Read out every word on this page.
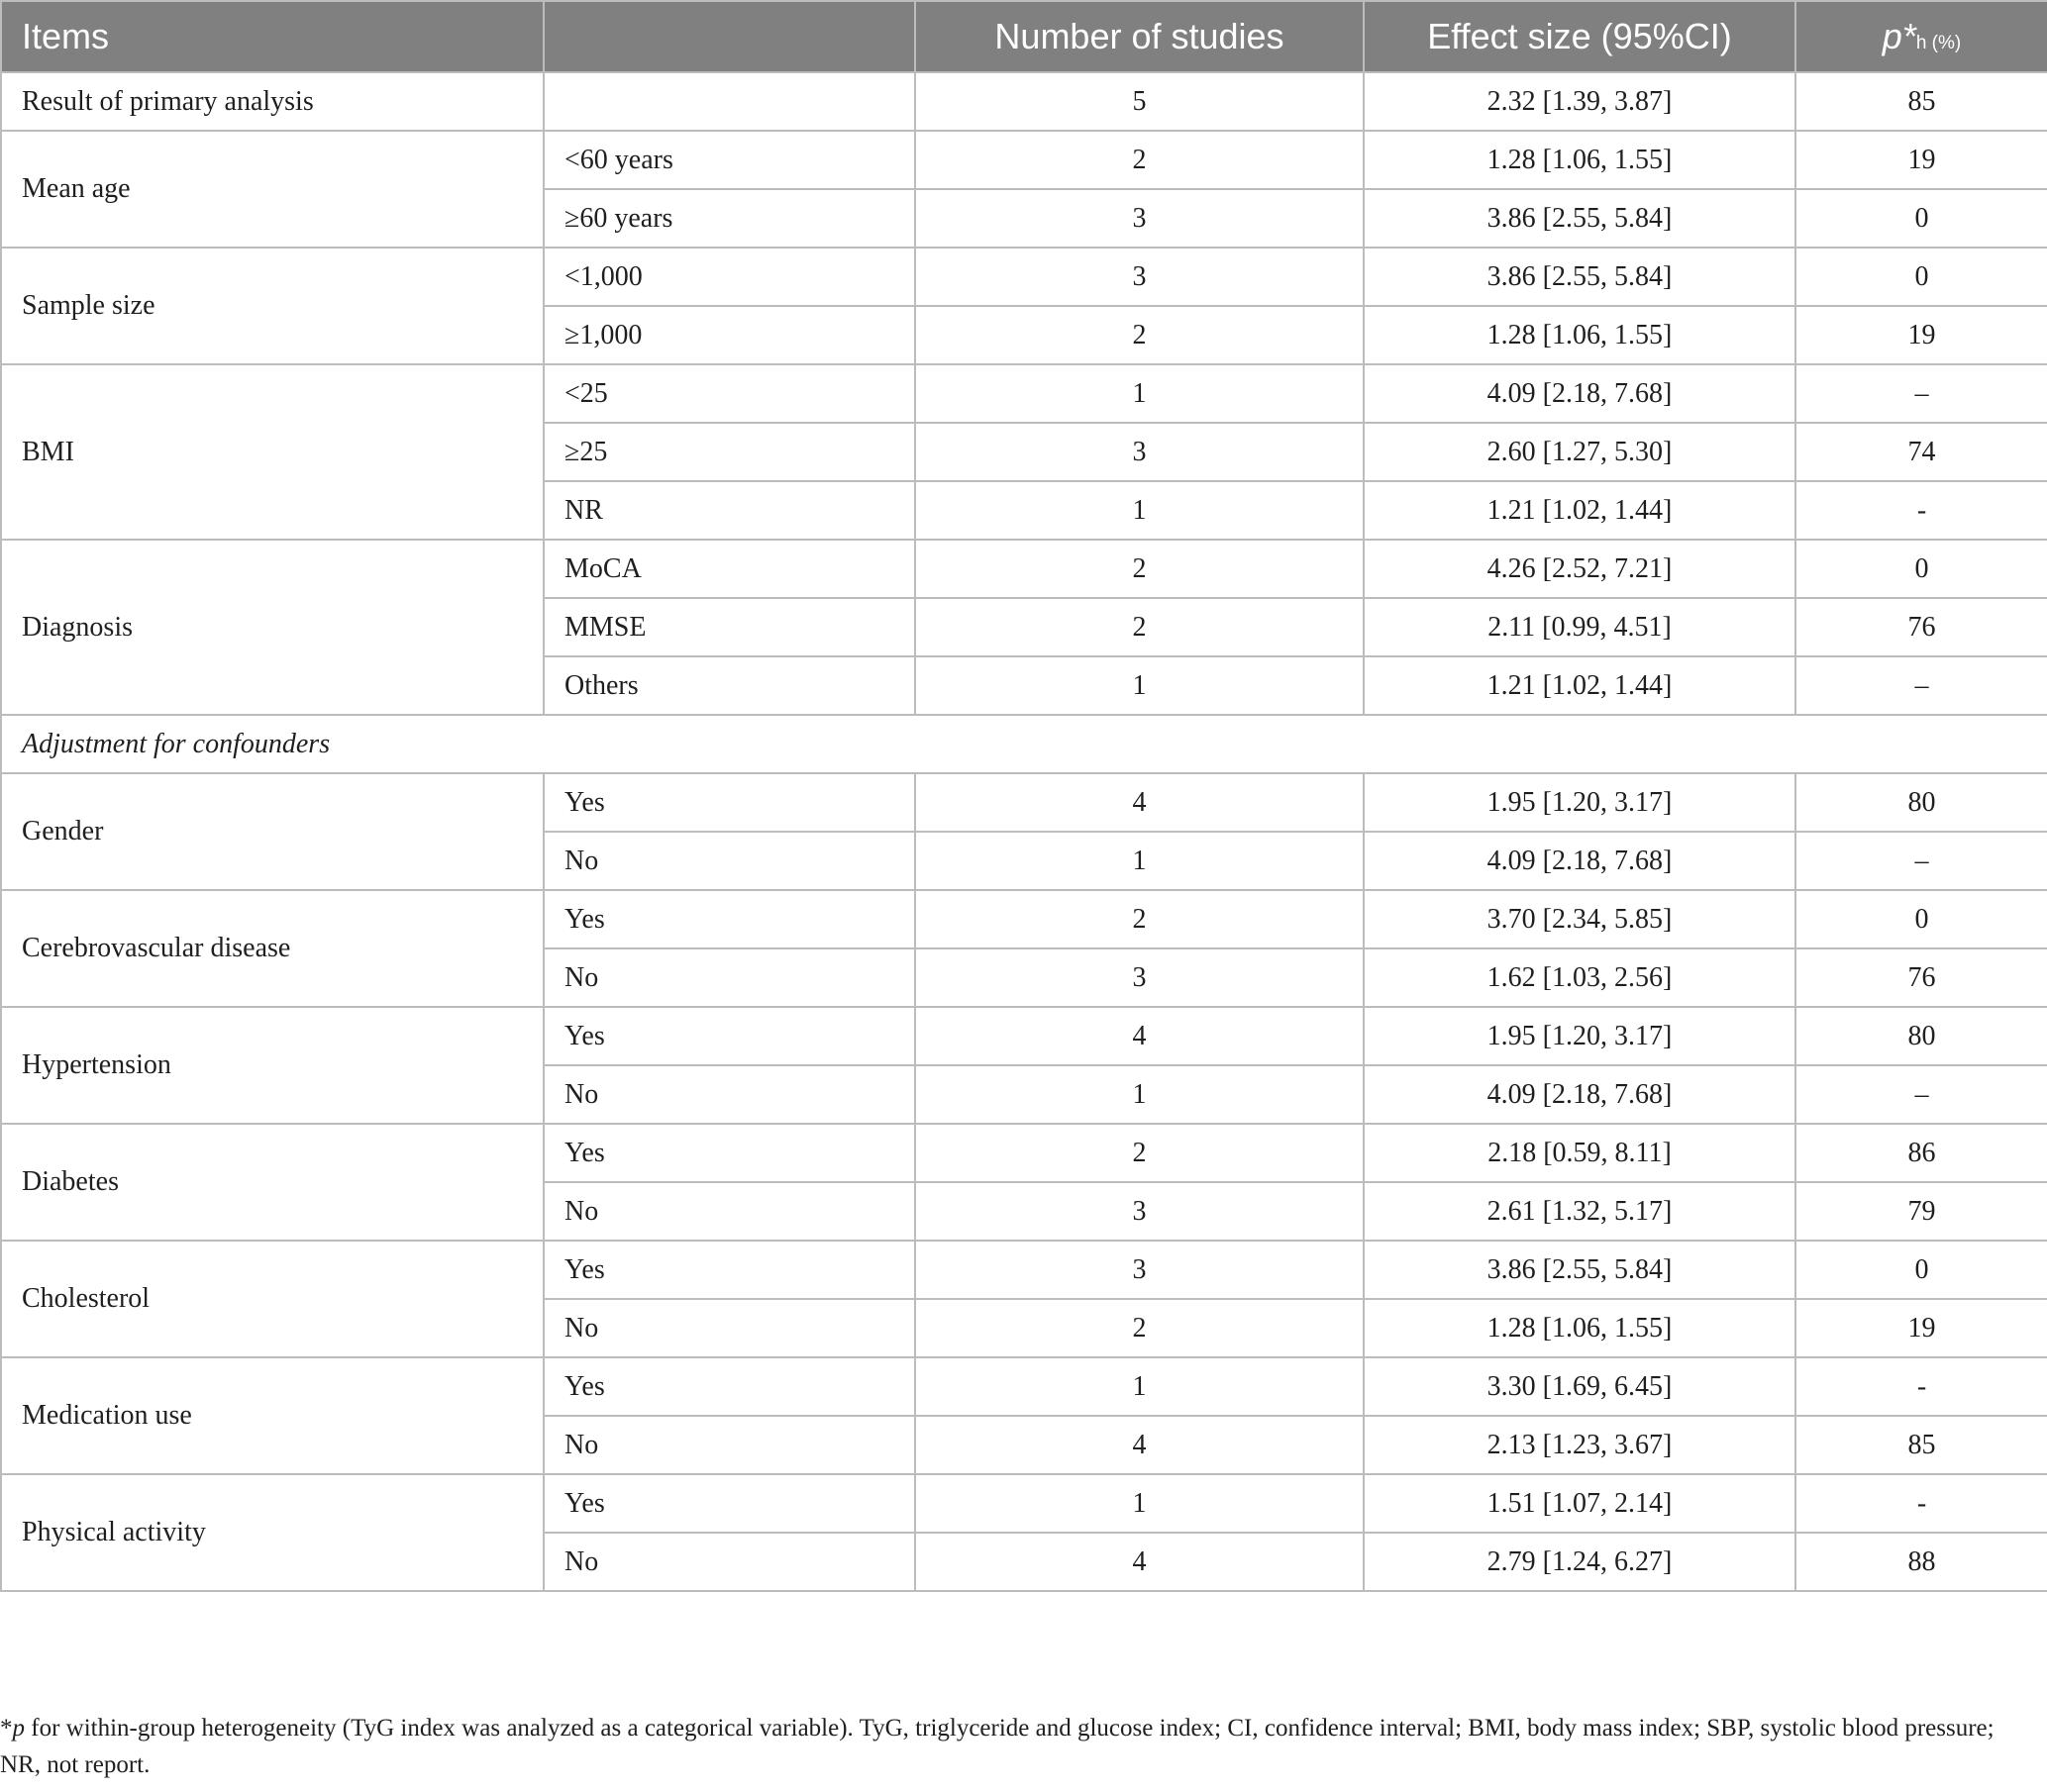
Items		Number of studies	Effect size (95%CI)	p*h (%)
Result of primary analysis		5	2.32 [1.39, 3.87]	85
Mean age	<60 years	2	1.28 [1.06, 1.55]	19
	≥60 years	3	3.86 [2.55, 5.84]	0
Sample size	<1,000	3	3.86 [2.55, 5.84]	0
	≥1,000	2	1.28 [1.06, 1.55]	19
BMI	<25	1	4.09 [2.18, 7.68]	–
	≥25	3	2.60 [1.27, 5.30]	74
	NR	1	1.21 [1.02, 1.44]	-
Diagnosis	MoCA	2	4.26 [2.52, 7.21]	0
	MMSE	2	2.11 [0.99, 4.51]	76
	Others	1	1.21 [1.02, 1.44]	–
Adjustment for confounders				
Gender	Yes	4	1.95 [1.20, 3.17]	80
	No	1	4.09 [2.18, 7.68]	–
Cerebrovascular disease	Yes	2	3.70 [2.34, 5.85]	0
	No	3	1.62 [1.03, 2.56]	76
Hypertension	Yes	4	1.95 [1.20, 3.17]	80
	No	1	4.09 [2.18, 7.68]	–
Diabetes	Yes	2	2.18 [0.59, 8.11]	86
	No	3	2.61 [1.32, 5.17]	79
Cholesterol	Yes	3	3.86 [2.55, 5.84]	0
	No	2	1.28 [1.06, 1.55]	19
Medication use	Yes	1	3.30 [1.69, 6.45]	-
	No	4	2.13 [1.23, 3.67]	85
Physical activity	Yes	1	1.51 [1.07, 2.14]	-
	No	4	2.79 [1.24, 6.27]	88
*p for within-group heterogeneity (TyG index was analyzed as a categorical variable). TyG, triglyceride and glucose index; CI, confidence interval; BMI, body mass index; SBP, systolic blood pressure; NR, not report.
